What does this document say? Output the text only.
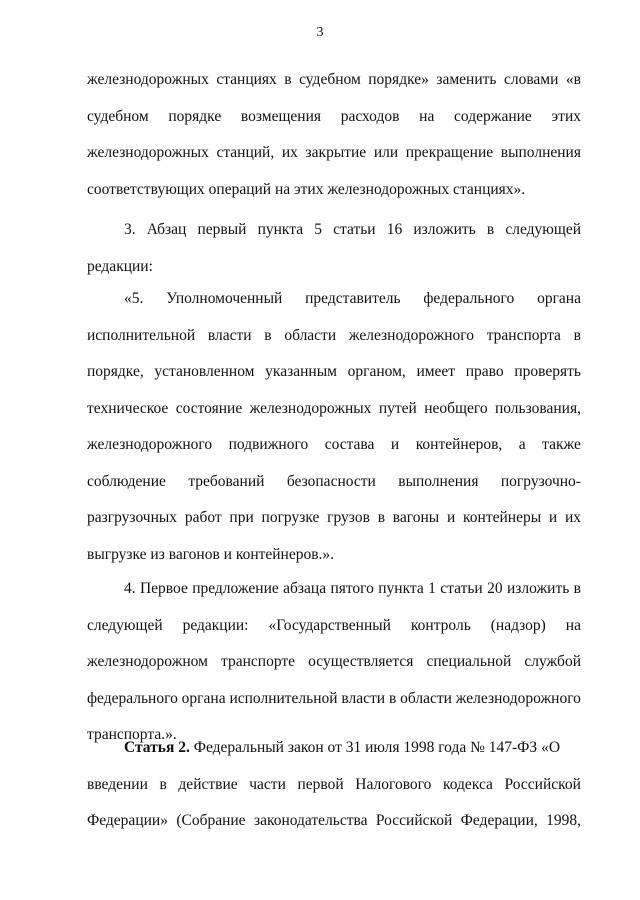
3
железнодорожных станциях в судебном порядке» заменить словами «в
судебном порядке возмещения расходов на содержание этих
железнодорожных станций, их закрытие или прекращение выполнения
соответствующих операций на этих железнодорожных станциях».
3. Абзац первый пункта 5 статьи 16 изложить в следующей
редакции:
«5. Уполномоченный представитель федерального органа
исполнительной власти в области железнодорожного транспорта в
порядке, установленном указанным органом, имеет право проверять
техническое состояние железнодорожных путей необщего пользования,
железнодорожного подвижного состава и контейнеров, а также
соблюдение требований безопасности выполнения погрузочно-
разгрузочных работ при погрузке грузов в вагоны и контейнеры и их
выгрузке из вагонов и контейнеров.».
4. Первое предложение абзаца пятого пункта 1 статьи 20 изложить в
следующей редакции: «Государственный контроль (надзор) на
железнодорожном транспорте осуществляется специальной службой
федерального органа исполнительной власти в области железнодорожного
транспорта.».
Статья 2. Федеральный закон от 31 июля 1998 года № 147-ФЗ «О
введении в действие части первой Налогового кодекса Российской
Федерации» (Собрание законодательства Российской Федерации, 1998,
